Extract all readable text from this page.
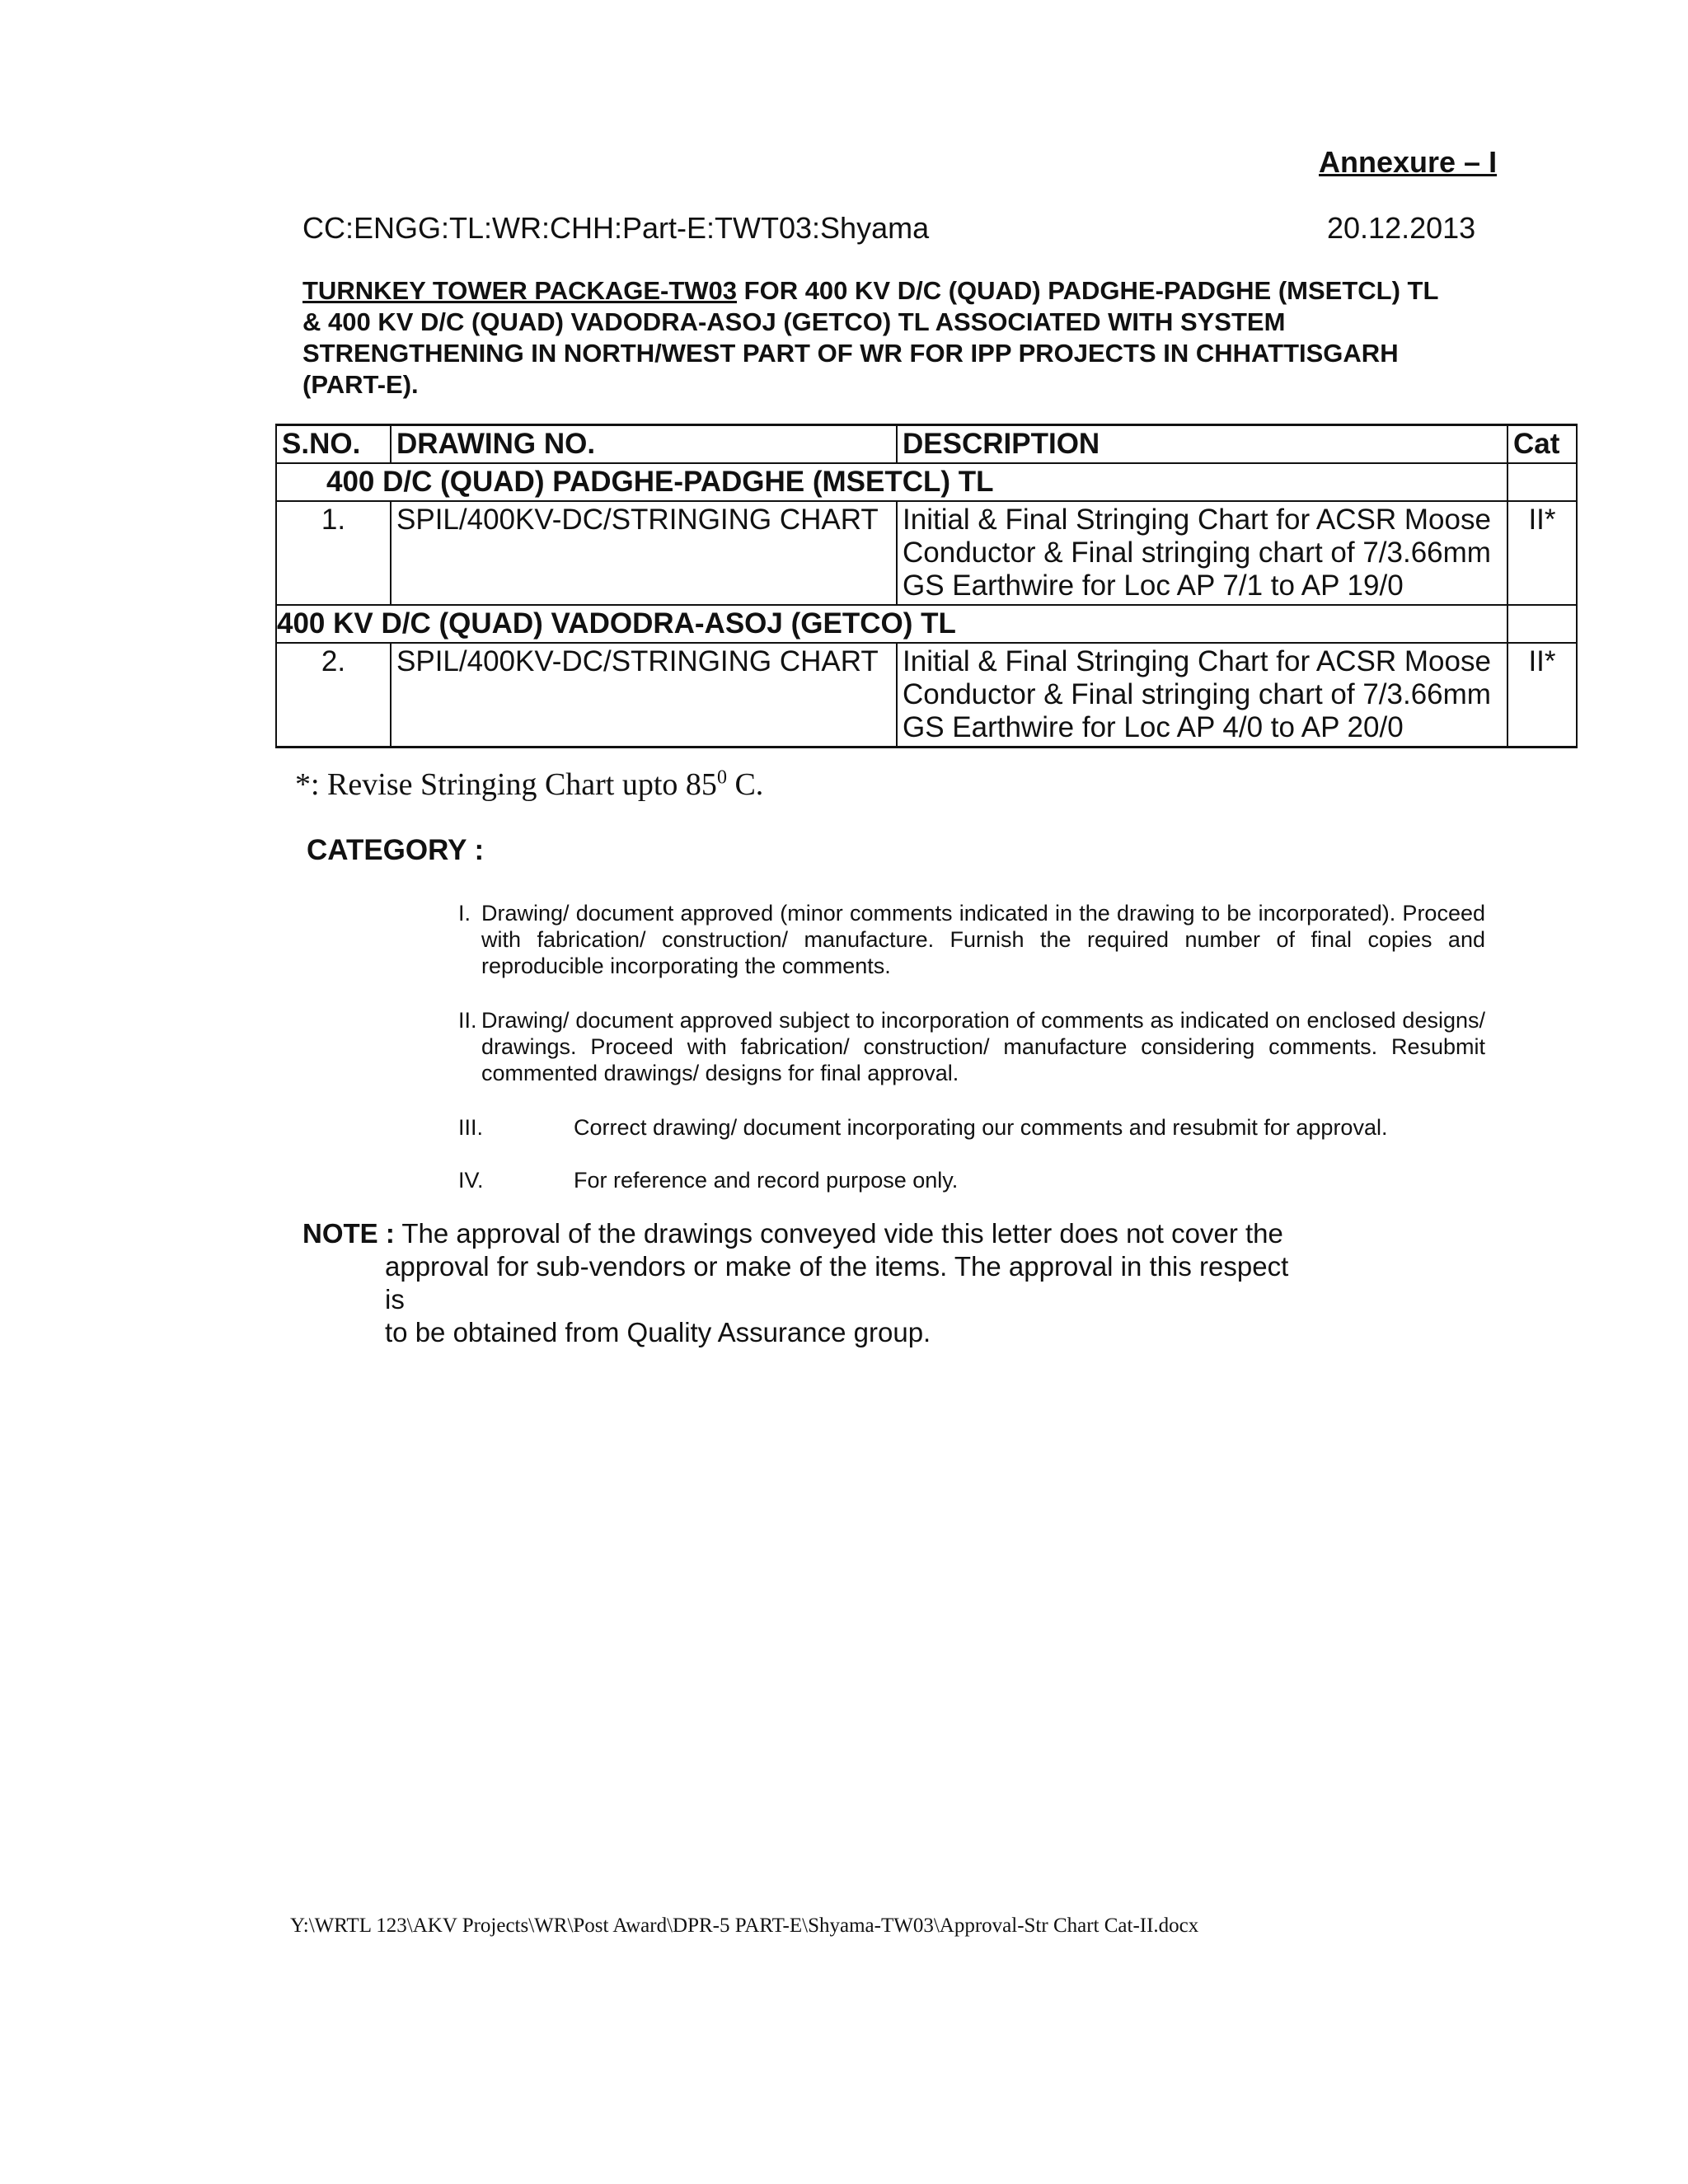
Annexure – I
CC:ENGG:TL:WR:CHH:Part-E:TWT03:Shyama	20.12.2013
TURNKEY TOWER PACKAGE-TW03 FOR 400 KV D/C (QUAD) PADGHE-PADGHE (MSETCL) TL & 400 KV D/C (QUAD) VADODRA-ASOJ (GETCO) TL ASSOCIATED WITH SYSTEM STRENGTHENING IN NORTH/WEST PART OF WR FOR IPP PROJECTS IN CHHATTISGARH (PART-E).
S.NO.	DRAWING NO.	DESCRIPTION	Cat
400 D/C (QUAD) PADGHE-PADGHE (MSETCL) TL			
1.	SPIL/400KV-DC/STRINGING CHART	Initial & Final Stringing Chart for ACSR Moose Conductor & Final stringing chart of 7/3.66mm GS Earthwire for Loc AP 7/1 to AP 19/0	II*
400 KV D/C (QUAD) VADODRA-ASOJ (GETCO) TL			
2.	SPIL/400KV-DC/STRINGING CHART	Initial & Final Stringing Chart for ACSR Moose Conductor & Final stringing chart of 7/3.66mm GS Earthwire for Loc AP 4/0 to AP 20/0	II*
*: Revise Stringing Chart upto $85^0$ C.
CATEGORY :
I. Drawing/ document approved (minor comments indicated in the drawing to be incorporated). Proceed with fabrication/ construction/ manufacture. Furnish the required number of final copies and reproducible incorporating the comments.
II. Drawing/ document approved subject to incorporation of comments as indicated on enclosed designs/ drawings. Proceed with fabrication/ construction/ manufacture considering comments. Resubmit commented drawings/ designs for final approval.
III.	Correct drawing/ document incorporating our comments and resubmit for approval.
IV.	For reference and record purpose only.
NOTE : The approval of the drawings conveyed vide this letter does not cover the
approval for sub-vendors or make of the items. The approval in this respect is
to be obtained from Quality Assurance group.
Y:\WRTL 123\AKV Projects\WR\Post Award\DPR-5 PART-E\Shyama-TW03\Approval-Str Chart Cat-II.docx
